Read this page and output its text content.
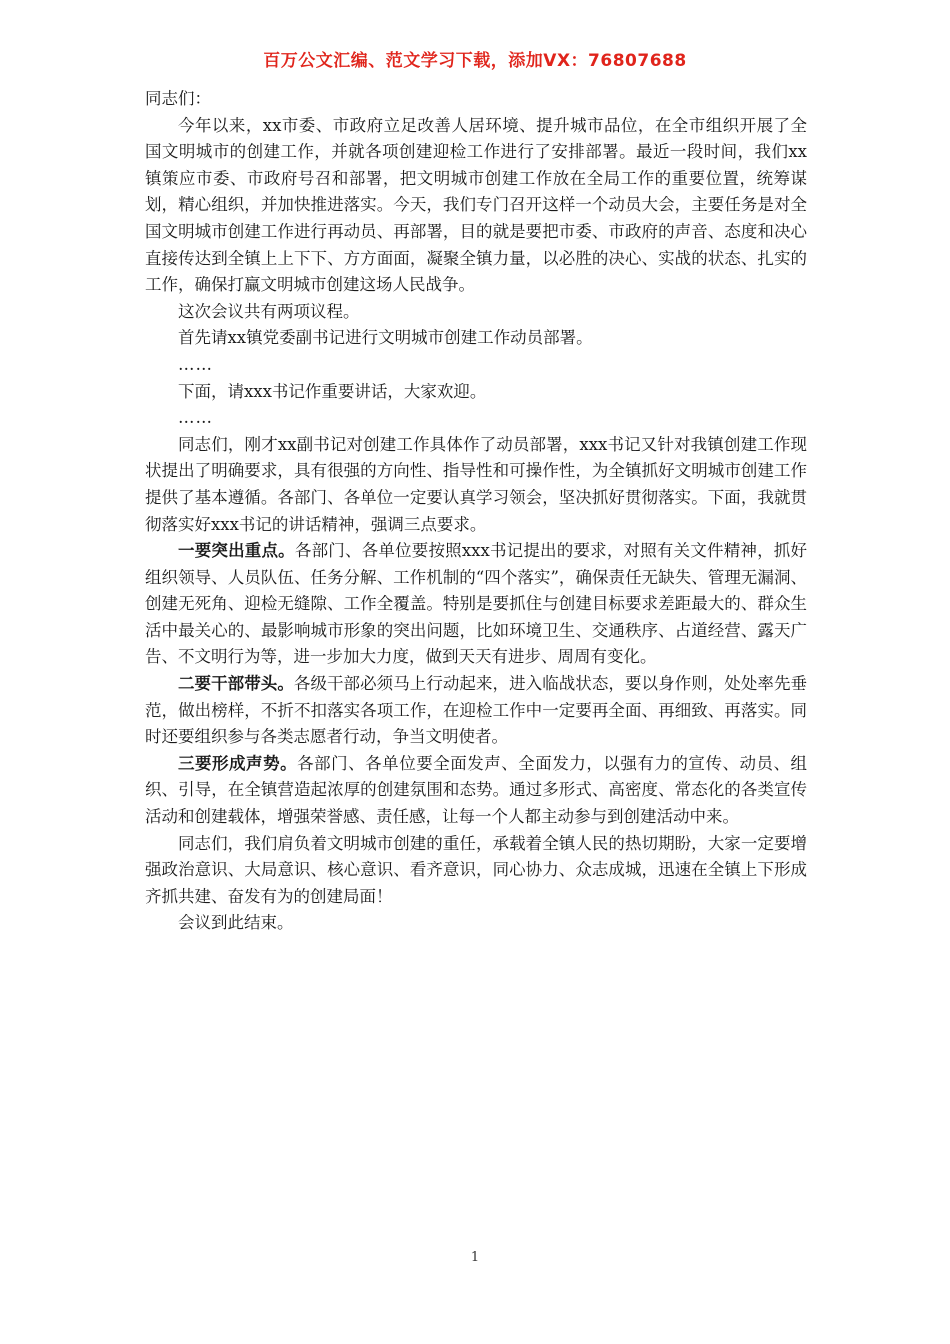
百万公文汇编、范文学习下载，添加VX：76807688

同志们：

今年以来，xx市委、市政府立足改善人居环境、提升城市品位，在全市组织开展了全国文明城市的创建工作，并就各项创建迎检工作进行了安排部署。最近一段时间，我们xx镇策应市委、市政府号召和部署，把文明城市创建工作放在全局工作的重要位置，统筹谋划，精心组织，并加快推进落实。今天，我们专门召开这样一个动员大会，主要任务是对全国文明城市创建工作进行再动员、再部署，目的就是要把市委、市政府的声音、态度和决心直接传达到全镇上上下下、方方面面，凝聚全镇力量，以必胜的决心、实战的状态、扎实的工作，确保打赢文明城市创建这场人民战争。

这次会议共有两项议程。

首先请xx镇党委副书记进行文明城市创建工作动员部署。

……

下面，请xxx书记作重要讲话，大家欢迎。

……

同志们，刚才xx副书记对创建工作具体作了动员部署，xxx书记又针对我镇创建工作现状提出了明确要求，具有很强的方向性、指导性和可操作性，为全镇抓好文明城市创建工作提供了基本遵循。各部门、各单位一定要认真学习领会，坚决抓好贯彻落实。下面，我就贯彻落实好xxx书记的讲话精神，强调三点要求。

一要突出重点。各部门、各单位要按照xxx书记提出的要求，对照有关文件精神，抓好组织领导、人员队伍、任务分解、工作机制的“四个落实”，确保责任无缺失、管理无漏洞、创建无死角、迎检无缝隙、工作全覆盖。特别是要抓住与创建目标要求差距最大的、群众生活中最关心的、最影响城市形象的突出问题，比如环境卫生、交通秩序、占道经营、露天广告、不文明行为等，进一步加大力度，做到天天有进步、周周有变化。

二要干部带头。各级干部必须马上行动起来，进入临战状态，要以身作则，处处率先垂范，做出榜样，不折不扣落实各项工作，在迎检工作中一定要再全面、再细致、再落实。同时还要组织参与各类志愿者行动，争当文明使者。

三要形成声势。各部门、各单位要全面发声、全面发力，以强有力的宣传、动员、组织、引导，在全镇营造起浓厚的创建氛围和态势。通过多形式、高密度、常态化的各类宣传活动和创建载体，增强荣誉感、责任感，让每一个人都主动参与到创建活动中来。

同志们，我们肩负着文明城市创建的重任，承载着全镇人民的热切期盼，大家一定要增强政治意识、大局意识、核心意识、看齐意识，同心协力、众志成城，迅速在全镇上下形成齐抓共建、奋发有为的创建局面！

会议到此结束。

1
